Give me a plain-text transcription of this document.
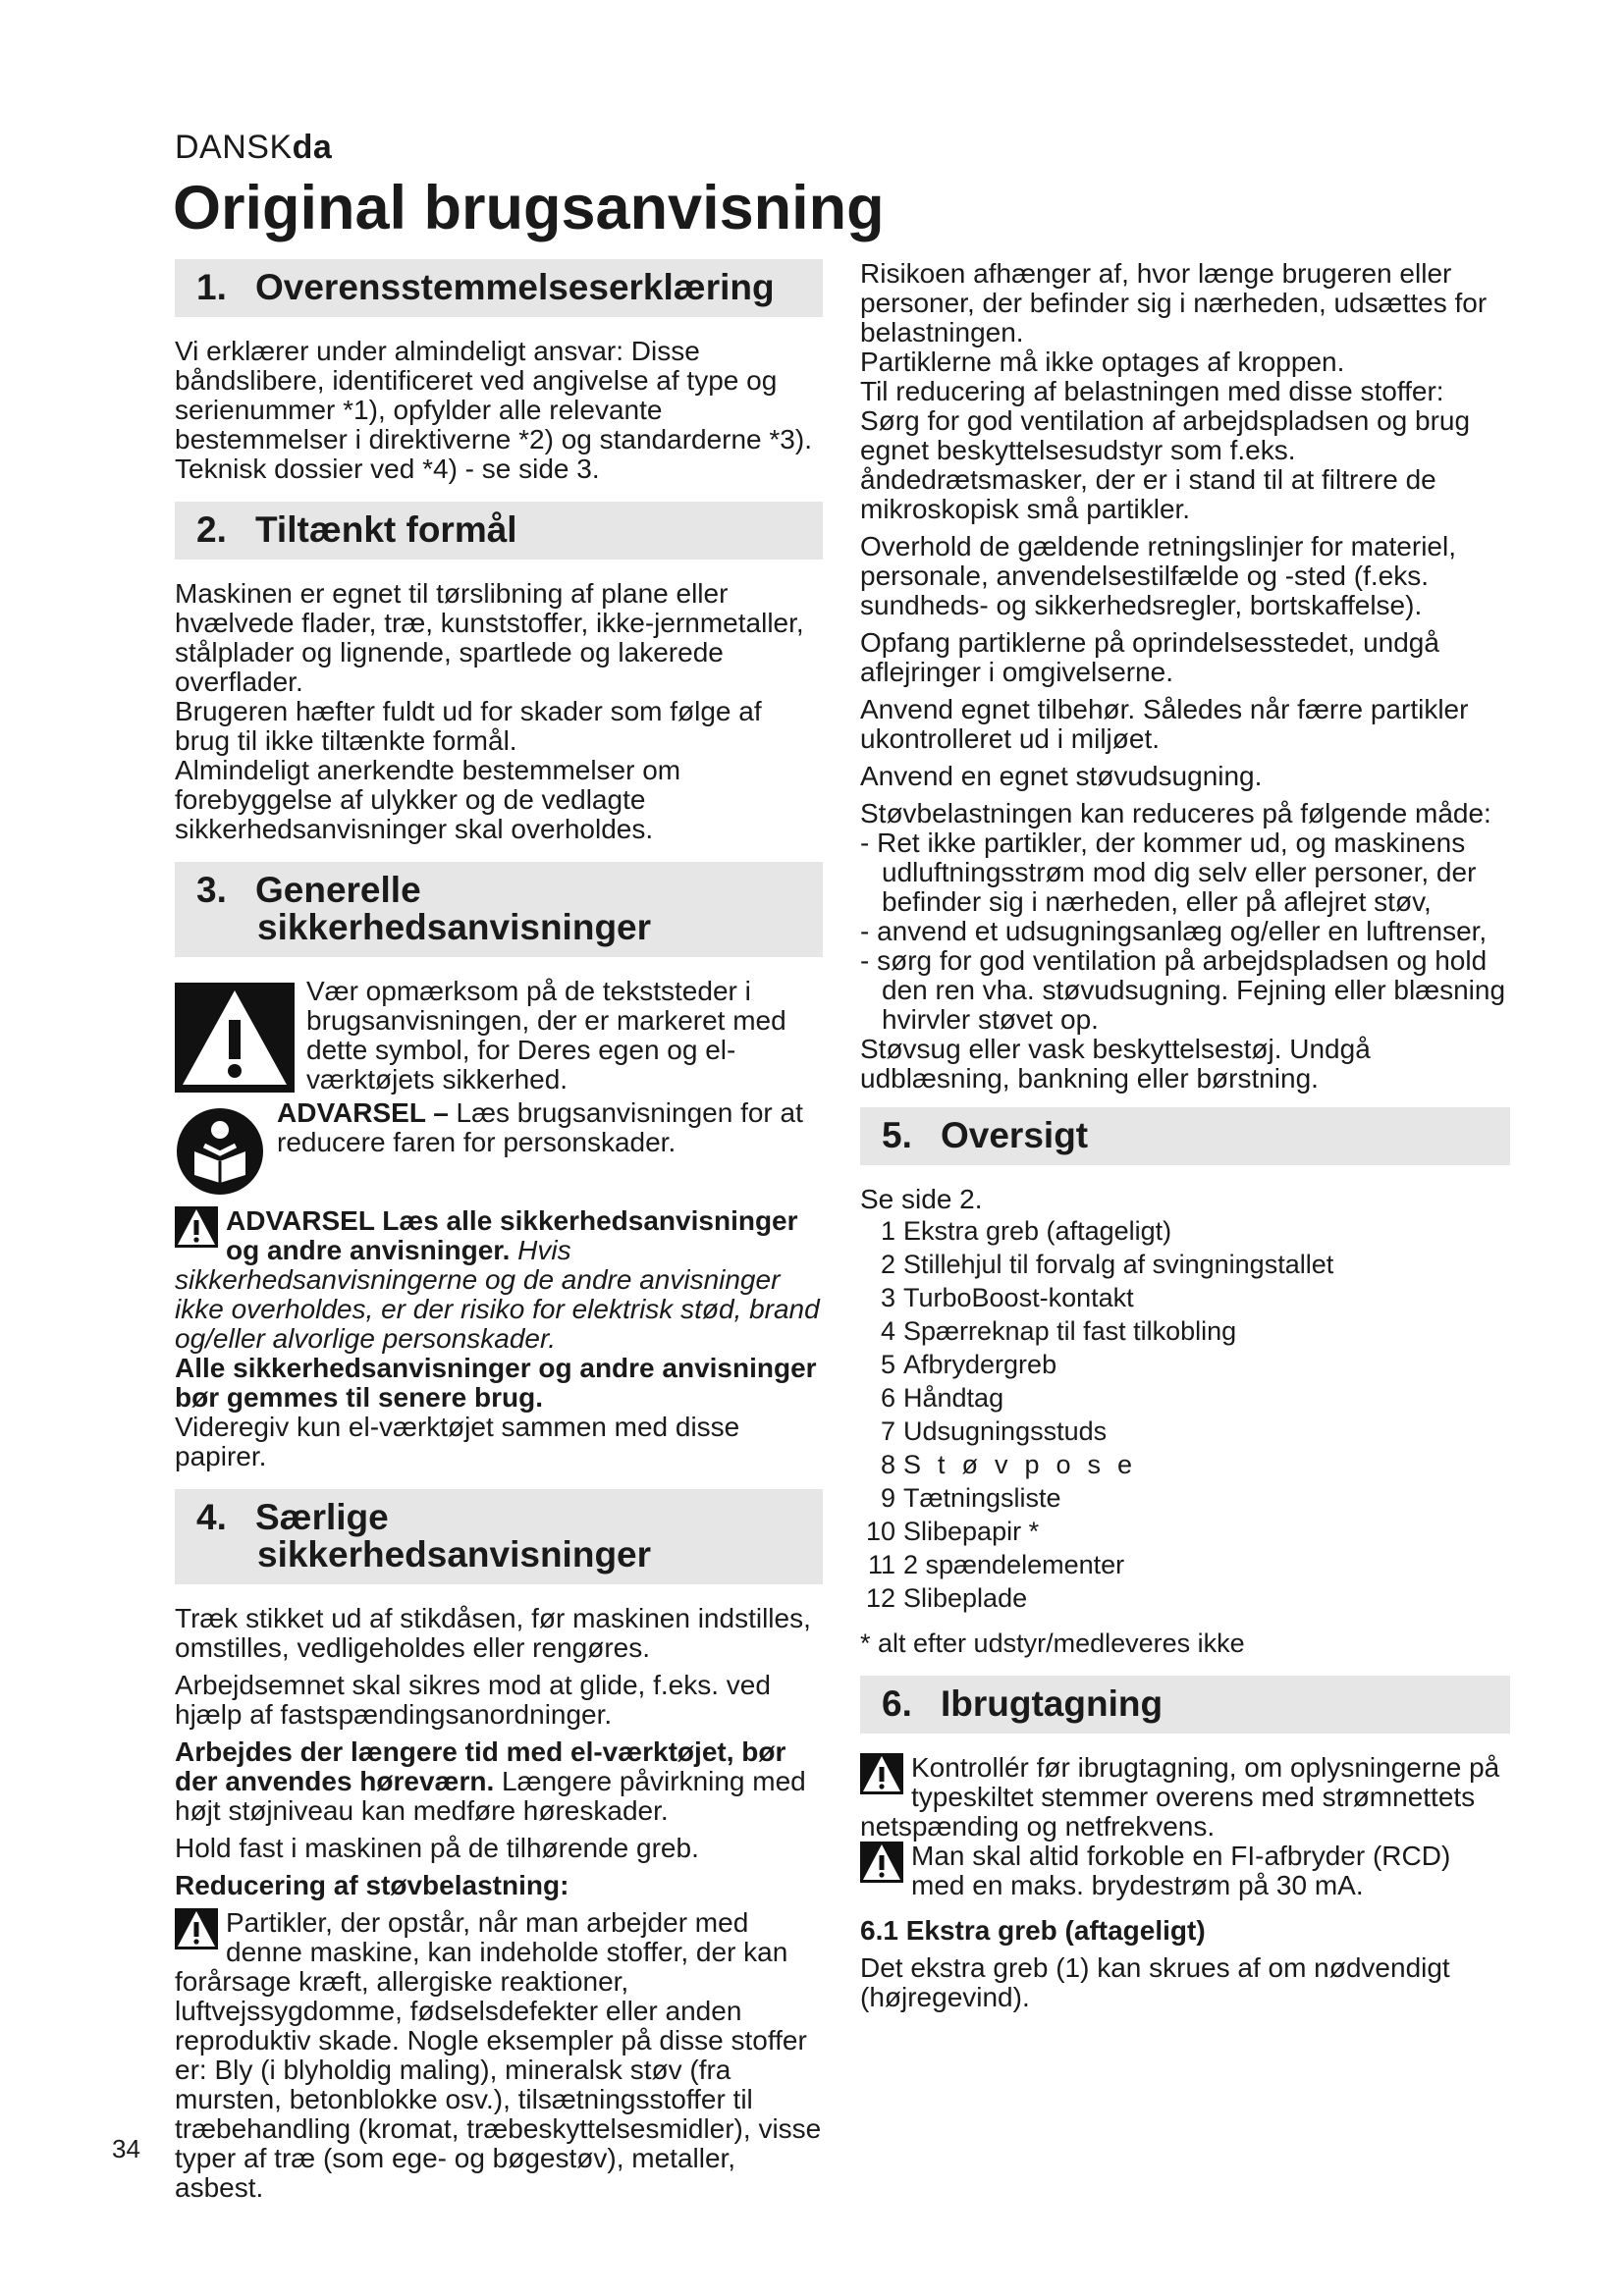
DANSKda
Original brugsanvisning
1. Overensstemmelseserklæring

Vi erklærer under almindeligt ansvar: Disse båndslibere, identificeret ved angivelse af type og serienummer *1), opfylder alle relevante bestemmelser i direktiverne *2) og standarderne *3). Teknisk dossier ved *4) - se side 3.

2. Tiltænkt formål

Maskinen er egnet til tørslibning af plane eller hvælvede flader, træ, kunststoffer, ikke-jernmetaller, stålplader og lignende, spartlede og lakerede overflader.

Brugeren hæfter fuldt ud for skader som følge af brug til ikke tiltænkte formål.

Almindeligt anerkendte bestemmelser om forebyggelse af ulykker og de vedlagte sikkerhedsanvisninger skal overholdes.

3. Generelle
sikkerhedsanvisninger

Vær opmærksom på de tekststeder i brugsanvisningen, der er markeret med dette symbol, for Deres egen og el-værktøjets sikkerhed.

ADVARSEL – Læs brugsanvisningen for at reducere faren for personskader.

ADVARSEL Læs alle sikkerhedsanvisninger og andre anvisninger. Hvis sikkerhedsanvisningerne og de andre anvisninger ikke overholdes, er der risiko for elektrisk stød, brand og/eller alvorlige personskader.

Alle sikkerhedsanvisninger og andre anvisninger bør gemmes til senere brug.
Videregiv kun el-værktøjet sammen med disse papirer.

4. Særlige
sikkerhedsanvisninger

Træk stikket ud af stikdåsen, før maskinen indstilles, omstilles, vedligeholdes eller rengøres.

Arbejdsemnet skal sikres mod at glide, f.eks. ved hjælp af fastspændingsanordninger.

Arbejdes der længere tid med el-værktøjet, bør der anvendes høreværn. Længere påvirkning med højt støjniveau kan medføre høreskader.

Hold fast i maskinen på de tilhørende greb.

Reducering af støvbelastning:

Partikler, der opstår, når man arbejder med denne maskine, kan indeholde stoffer, der kan forårsage kræft, allergiske reaktioner, luftvejssygdomme, fødselsdefekter eller anden reproduktiv skade. Nogle eksempler på disse stoffer er: Bly (i blyholdig maling), mineralsk støv (fra mursten, betonblokke osv.), tilsætningsstoffer til træbehandling (kromat, træbeskyttelsesmidler), visse typer af træ (som ege- og bøgestøv), metaller, asbest.

34

Risikoen afhænger af, hvor længe brugeren eller personer, der befinder sig i nærheden, udsættes for belastningen.

Partiklerne må ikke optages af kroppen.

Til reducering af belastningen med disse stoffer: Sørg for god ventilation af arbejdspladsen og brug egnet beskyttelsesudstyr som f.eks. åndedrætsmasker, der er i stand til at filtrere de mikroskopisk små partikler.

Overhold de gældende retningslinjer for materiel, personale, anvendelsestilfælde og -sted (f.eks. sundheds- og sikkerhedsregler, bortskaffelse).

Opfang partiklerne på oprindelsesstedet, undgå aflejringer i omgivelserne.

Anvend egnet tilbehør. Således når færre partikler ukontrolleret ud i miljøet.

Anvend en egnet støvudsugning.

Støvbelastningen kan reduceres på følgende måde:

- Ret ikke partikler, der kommer ud, og maskinens udluftningsstrøm mod dig selv eller personer, der befinder sig i nærheden, eller på aflejret støv,
- anvend et udsugningsanlæg og/eller en luftrenser,
- sørg for god ventilation på arbejdspladsen og hold den ren vha. støvudsugning. Fejning eller blæsning hvirvler støvet op.

Støvsug eller vask beskyttelsestøj. Undgå udblæsning, bankning eller børstning.

5. Oversigt

Se side 2.

1 Ekstra greb (aftageligt)
2 Stillehjul til forvalg af svingningstallet
3 TurboBoost-kontakt
4 Spærreknap til fast tilkobling
5 Afbrydergreb
6 Håndtag
7 Udsugningsstuds
8 Støvpose
9 Tætningsliste
10 Slibepapir *
11 2 spændelementer
12 Slibeplade

* alt efter udstyr/medleveres ikke

6. Ibrugtagning

Kontrollér før ibrugtagning, om oplysningerne på typeskiltet stemmer overens med strømnettets netspænding og netfrekvens.

Man skal altid forkoble en FI-afbryder (RCD) med en maks. brydestrøm på 30 mA.

6.1 Ekstra greb (aftageligt)

Det ekstra greb (1) kan skrues af om nødvendigt (højregevind).
